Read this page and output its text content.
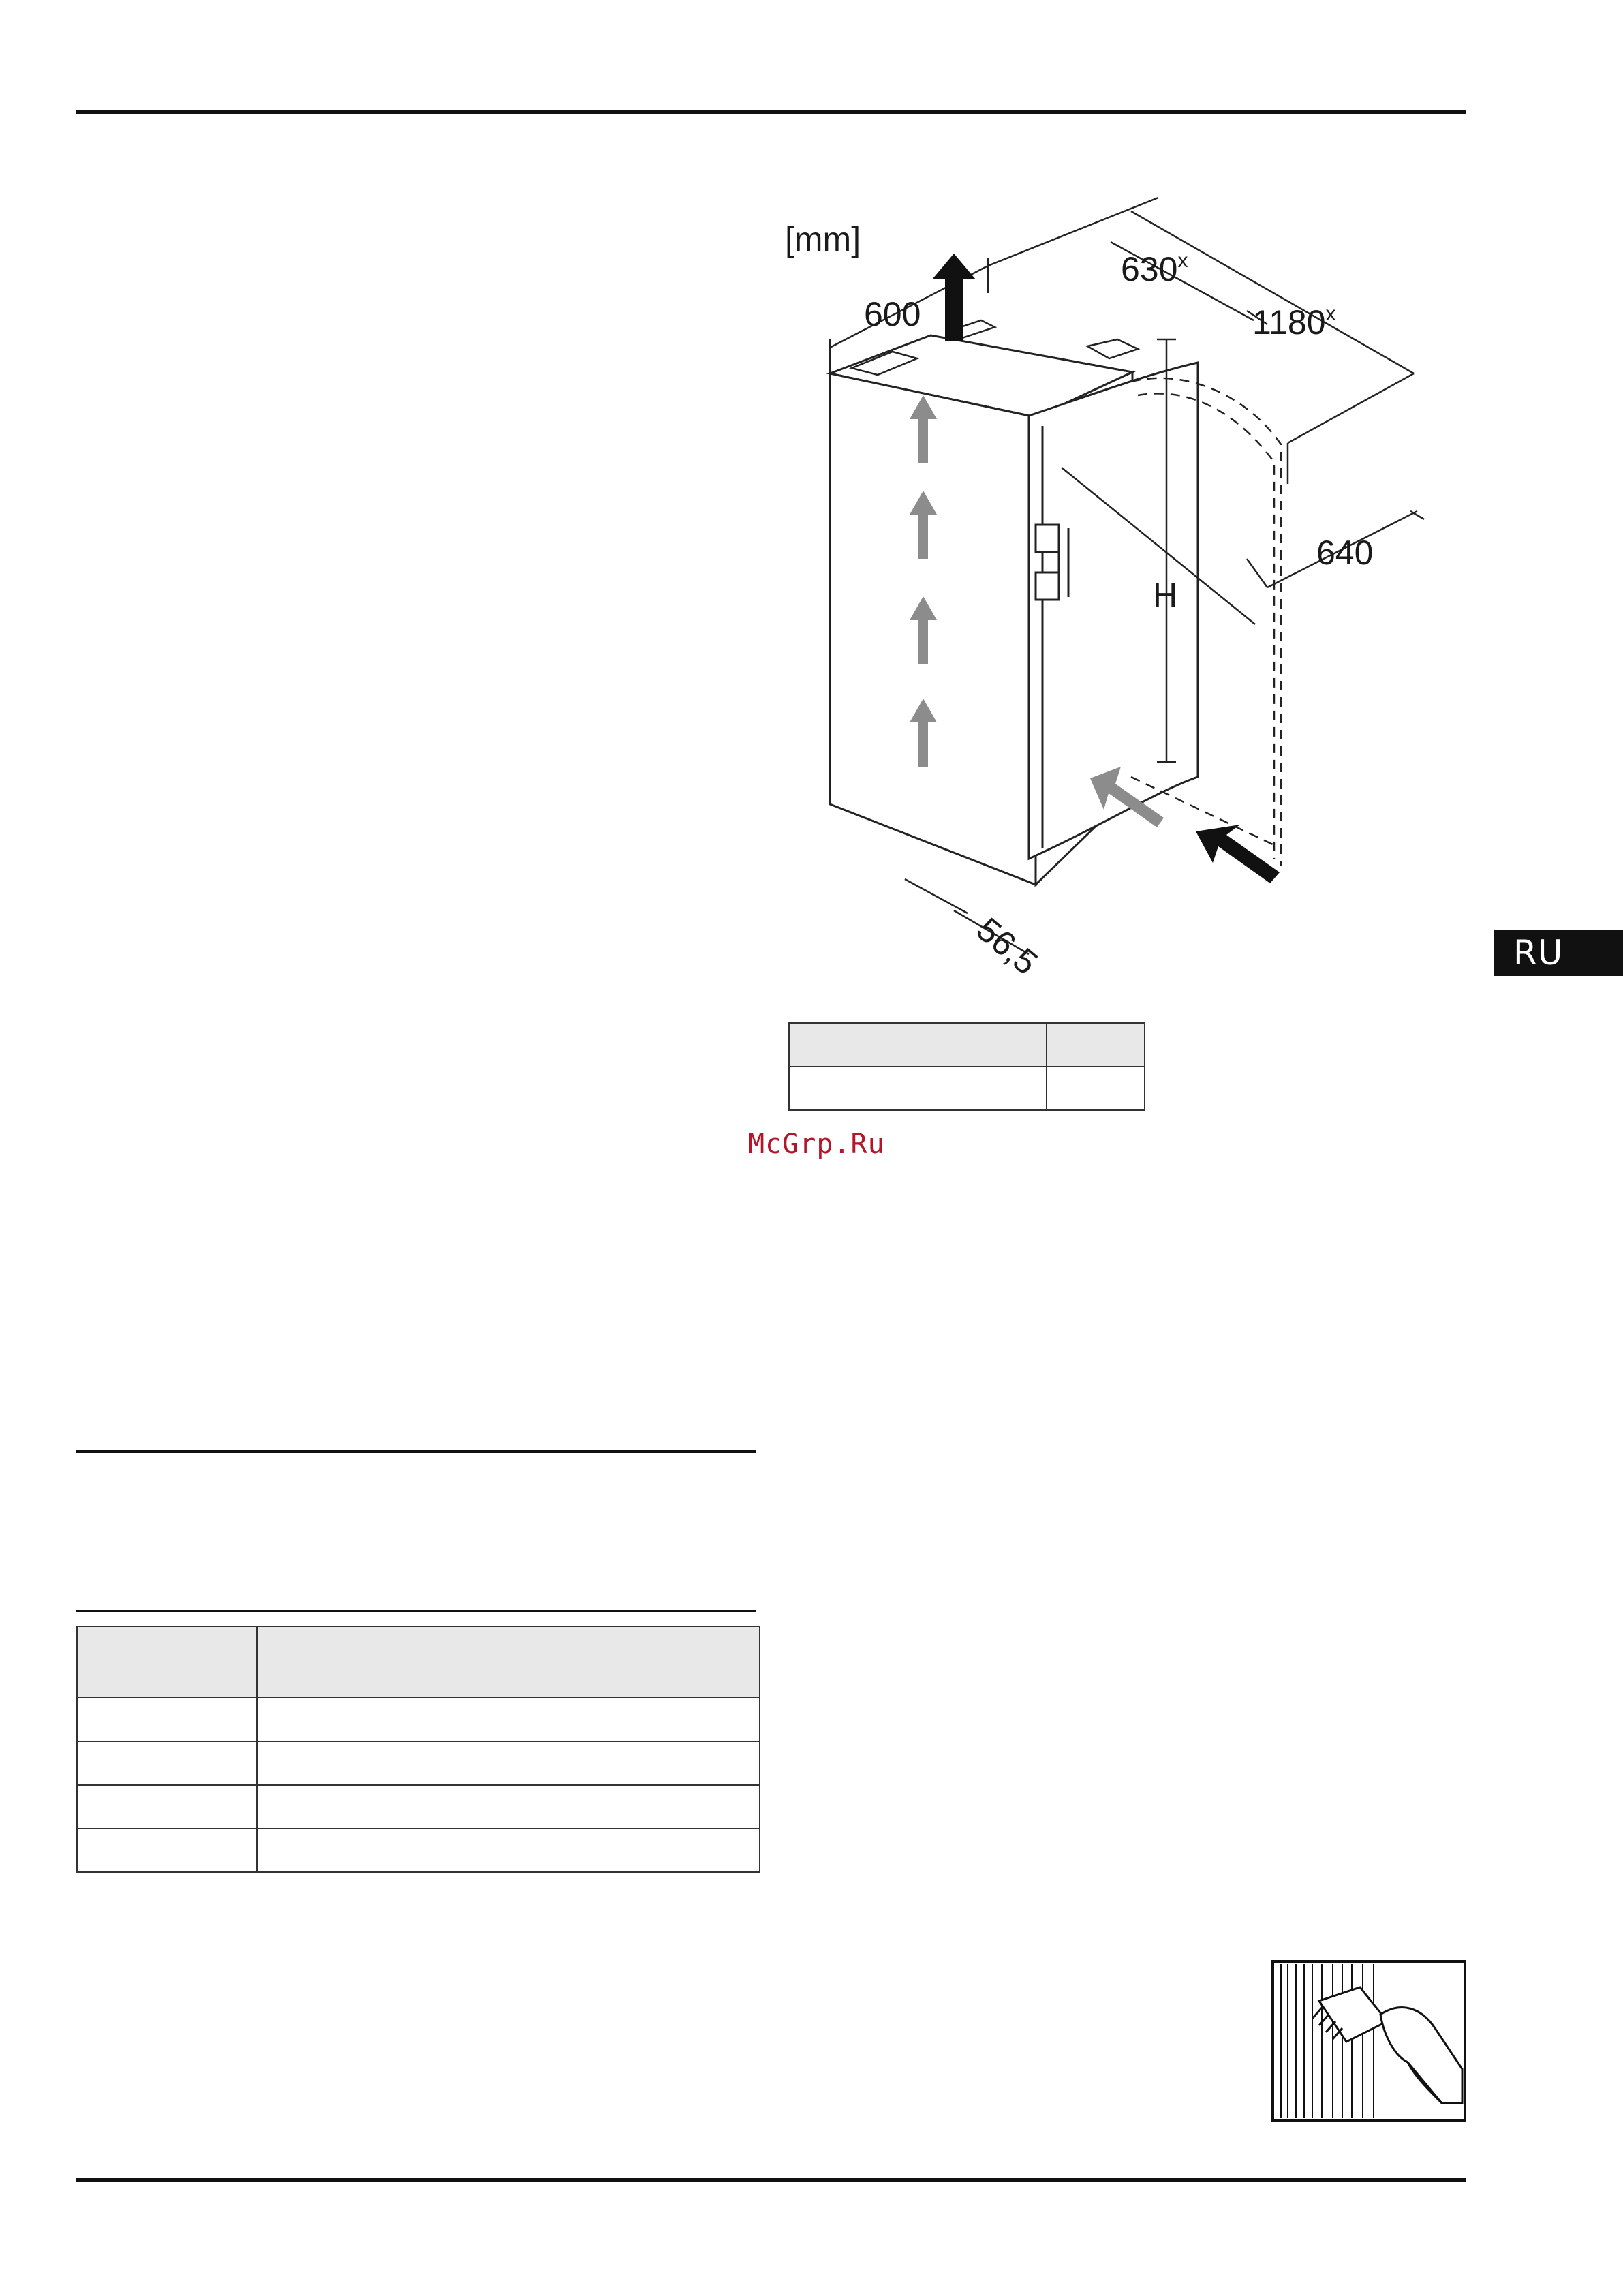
RU
[mm]
600
630$^x$
1180$^x$
640
H
56,5

McGrp.Ru
